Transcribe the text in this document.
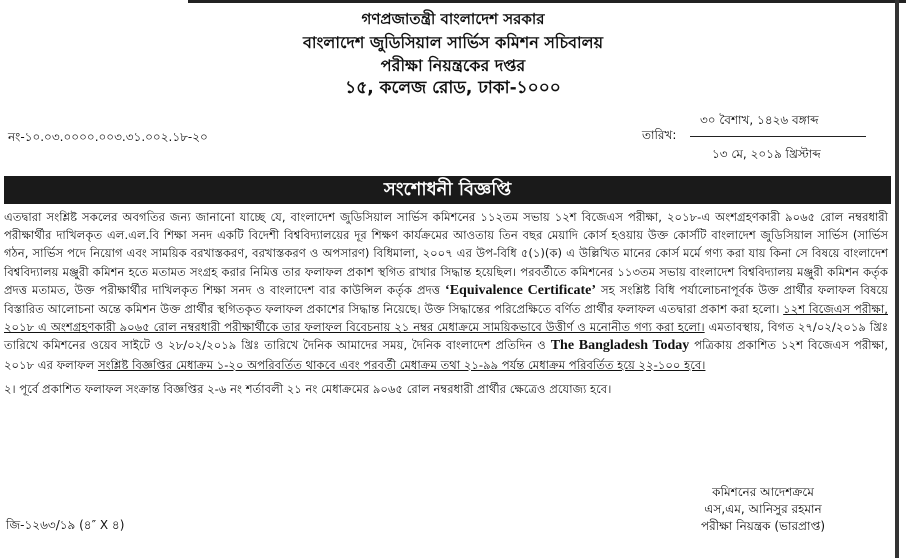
গণপ্রজাতন্ত্রী বাংলাদেশ সরকার
বাংলাদেশ জুডিসিয়াল সার্ভিস কমিশন সচিবালয়
পরীক্ষা নিয়ন্ত্রকের দপ্তর
১৫, কলেজ রোড, ঢাকা-১০০০
নং-১০.০৩.০০০০.০০৩.৩১.০০২.১৮-২০	তারিখ:
৩০ বৈশাখ, ১৪২৬ বঙ্গাব্দ
১৩ মে, ২০১৯ খ্রিস্টাব্দ
সংশোধনী বিজ্ঞপ্তি

এতদ্বারা সংশ্লিষ্ট সকলের অবগতির জন্য জানানো যাচ্ছে যে, বাংলাদেশ জুডিসিয়াল সার্ভিস কমিশনের ১১২তম সভায় ১২শ বিজেএস পরীক্ষা, ২০১৮-এ অংশগ্রহণকারী ৯০৬৫ রোল নম্বরধারী পরীক্ষার্থীর দাখিলকৃত এল.এল.বি শিক্ষা সনদ একটি বিদেশী বিশ্ববিদ্যালয়ের দূর শিক্ষণ কার্যক্রমের আওতায় তিন বছর মেয়াদি কোর্স হওয়ায় উক্ত কোর্সটি বাংলাদেশ জুডিসিয়াল সার্ভিস (সার্ভিস গঠন, সার্ভিস পদে নিয়োগ এবং সাময়িক বরখাস্তকরণ, বরখাস্তকরণ ও অপসারণ) বিধিমালা, ২০০৭ এর উপ-বিধি ৫(১)(ক) এ উল্লিখিত মানের কোর্স মর্মে গণ্য করা যায় কিনা সে বিষয়ে বাংলাদেশ বিশ্ববিদ্যালয় মঞ্জুরী কমিশন হতে মতামত সংগ্রহ করার নিমিত্ত তার ফলাফল প্রকাশ স্থগিত রাখার সিদ্ধান্ত হয়েছিল। পরবর্তীতে কমিশনের ১১৩তম সভায় বাংলাদেশ বিশ্ববিদ্যালয় মঞ্জুরী কমিশন কর্তৃক প্রদত্ত মতামত, উক্ত পরীক্ষার্থীর দাখিলকৃত শিক্ষা সনদ ও বাংলাদেশ বার কাউন্সিল কর্তৃক প্রদত্ত ‘Equivalence Certificate’ সহ সংশ্লিষ্ট বিধি পর্যালোচনাপূর্বক উক্ত প্রার্থীর ফলাফল বিষয়ে বিস্তারিত আলোচনা অন্তে কমিশন উক্ত প্রার্থীর স্থগিতকৃত ফলাফল প্রকাশের সিদ্ধান্ত নিয়েছে। উক্ত সিদ্ধান্তের পরিপ্রেক্ষিতে বর্ণিত প্রার্থীর ফলাফল এতদ্বারা প্রকাশ করা হলো। ১২শ বিজেএস পরীক্ষা, ২০১৮ এ অংশগ্রহণকারী ৯০৬৫ রোল নম্বরধারী পরীক্ষার্থীকে তার ফলাফল বিবেচনায় ২১ নম্বর মেধাক্রমে সাময়িকভাবে উত্তীর্ণ ও মনোনীত গণ্য করা হলো। এমতাবস্থায়, বিগত ২৭/০২/২০১৯ খ্রিঃ তারিখে কমিশনের ওয়েব সাইটে ও ২৮/০২/২০১৯ খ্রিঃ তারিখে দৈনিক আমাদের সময়, দৈনিক বাংলাদেশ প্রতিদিন ও The Bangladesh Today পত্রিকায় প্রকাশিত ১২শ বিজেএস পরীক্ষা, ২০১৮ এর ফলাফল সংশ্লিষ্ট বিজ্ঞপ্তির মেধাক্রম ১-২০ অপরিবর্তিত থাকবে এবং পরবর্তী মেধাক্রম তথা ২১-৯৯ পর্যন্ত মেধাক্রম পরিবর্তিত হয়ে ২২-১০০ হবে।

২। পূর্বে প্রকাশিত ফলাফল সংক্রান্ত বিজ্ঞপ্তির ২-৬ নং শর্তাবলী ২১ নং মেধাক্রমের ৯০৬৫ রোল নম্বরধারী প্রার্থীর ক্ষেত্রেও প্রযোজ্য হবে।

কমিশনের আদেশক্রমে
এস,এম, আনিসুর রহমান
পরীক্ষা নিয়ন্ত্রক (ভারপ্রাপ্ত)
জি-১২৬৩/১৯ (৪″ X ৪)
